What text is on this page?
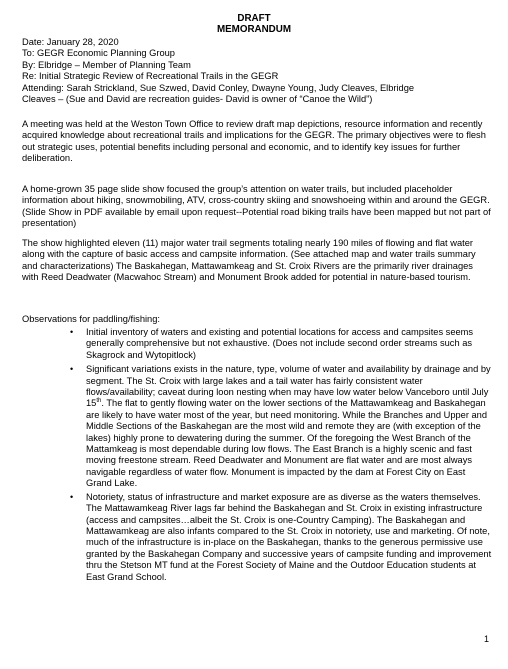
DRAFT
MEMORANDUM
Date: January 28, 2020
To: GEGR Economic Planning Group
By: Elbridge – Member of Planning Team
Re: Initial Strategic Review of Recreational Trails in the GEGR
Attending: Sarah Strickland, Sue Szwed, David Conley, Dwayne Young, Judy Cleaves, Elbridge
Cleaves – (Sue and David are recreation guides- David is owner of “Canoe the Wild”)
A meeting was held at the Weston Town Office to review draft map depictions, resource information and recently acquired knowledge about recreational trails and implications for the GEGR. The primary objectives were to flesh out strategic uses, potential benefits including personal and economic, and to identify key issues for further deliberation.
A home-grown 35 page slide show focused the group’s attention on water trails, but included placeholder information about hiking, snowmobiling, ATV, cross-country skiing and snowshoeing within and around the GEGR. (Slide Show in PDF available by email upon request--Potential road biking trails have been mapped but not part of presentation)
The show highlighted eleven (11) major water trail segments totaling nearly 190 miles of flowing and flat water along with the capture of basic access and campsite information. (See attached map and water trails summary and characterizations) The Baskahegan, Mattawamkeag and St. Croix Rivers are the primarily river drainages with Reed Deadwater (Macwahoc Stream) and Monument Brook added for potential in nature-based tourism.
Observations for paddling/fishing:
• Initial inventory of waters and existing and potential locations for access and campsites seems generally comprehensive but not exhaustive. (Does not include second order streams such as Skagrock and Wytopitlock)
• Significant variations exists in the nature, type, volume of water and availability by drainage and by segment. The St. Croix with large lakes and a tail water has fairly consistent water flows/availability; caveat during loon nesting when may have low water below Vanceboro until July 15th. The flat to gently flowing water on the lower sections of the Mattawamkeag and Baskahegan are likely to have water most of the year, but need monitoring. While the Branches and Upper and Middle Sections of the Baskahegan are the most wild and remote they are (with exception of the lakes) highly prone to dewatering during the summer. Of the foregoing the West Branch of the Mattamkeag is most dependable during low flows. The East Branch is a highly scenic and fast moving freestone stream. Reed Deadwater and Monument are flat water and are most always navigable regardless of water flow. Monument is impacted by the dam at Forest City on East Grand Lake.
• Notoriety, status of infrastructure and market exposure are as diverse as the waters themselves. The Mattawamkeag River lags far behind the Baskahegan and St. Croix in existing infrastructure (access and campsites…albeit the St. Croix is one-Country Camping). The Baskahegan and Mattawamkeag are also infants compared to the St. Croix in notoriety, use and marketing. Of note, much of the infrastructure is in-place on the Baskahegan, thanks to the generous permissive use granted by the Baskahegan Company and successive years of campsite funding and improvement thru the Stetson MT fund at the Forest Society of Maine and the Outdoor Education students at East Grand School.
1
